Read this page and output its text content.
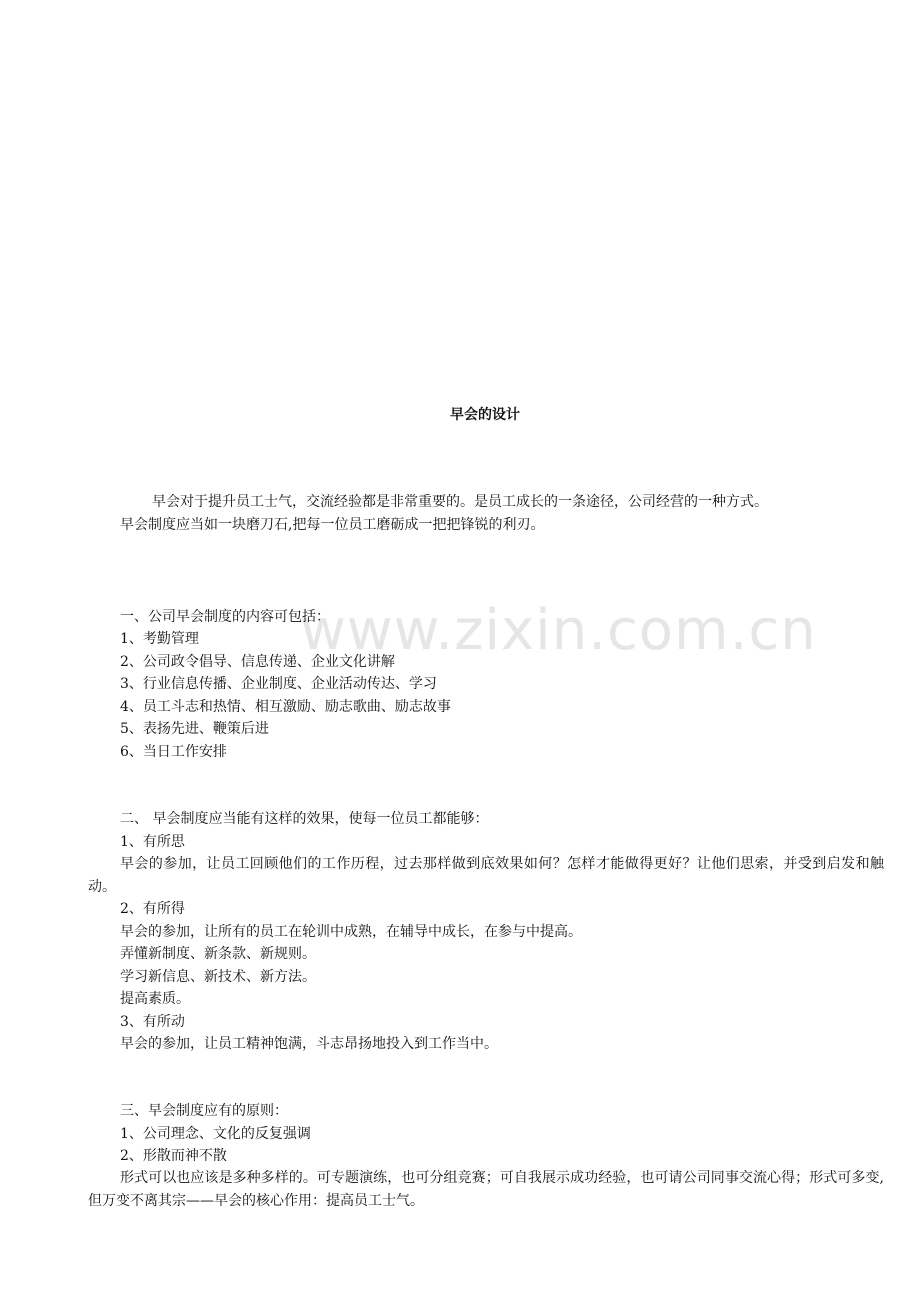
www.zixin.com.cn
早会的设计
早会对于提升员工士气，交流经验都是非常重要的。是员工成长的一条途径，公司经营的一种方式。
早会制度应当如一块磨刀石,把每一位员工磨砺成一把把锋锐的利刃。
一、公司早会制度的内容可包括：
1、考勤管理
2、公司政令倡导、信息传递、企业文化讲解
3、行业信息传播、企业制度、企业活动传达、学习
4、员工斗志和热情、相互激励、励志歌曲、励志故事
5、表扬先进、鞭策后进
6、当日工作安排
二、 早会制度应当能有这样的效果，使每一位员工都能够：
1、有所思
早会的参加，让员工回顾他们的工作历程，过去那样做到底效果如何？怎样才能做得更好？让他们思索，并受到启发和触动。
2、有所得
早会的参加，让所有的员工在轮训中成熟，在辅导中成长，在参与中提高。
弄懂新制度、新条款、新规则。
学习新信息、新技术、新方法。
提高素质。
3、有所动
早会的参加，让员工精神饱满，斗志昂扬地投入到工作当中。
三、早会制度应有的原则：
1、公司理念、文化的反复强调
2、形散而神不散
形式可以也应该是多种多样的。可专题演练，也可分组竞赛；可自我展示成功经验，也可请公司同事交流心得；形式可多变,但万变不离其宗——早会的核心作用：提高员工士气。
